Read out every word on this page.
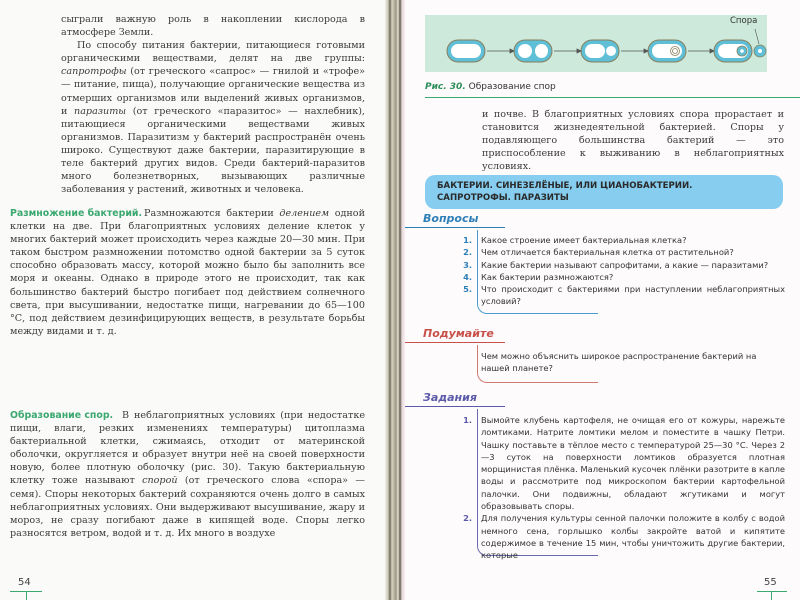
сыграли важную роль в накоплении кислорода в атмосфере Земли.

По способу питания бактерии, питающиеся готовыми органическими веществами, делят на две группы: сапротрофы (от греческого «сапрос» — гнилой и «трофе» — питание, пища), получающие органические вещества из отмерших организмов или выделений живых организмов, и паразиты (от греческого «паразитос» — нахлебник), питающиеся органическими веществами живых организмов. Паразитизм у бактерий распространён очень широко. Существуют даже бактерии, паразитирующие в теле бактерий других видов. Среди бактерий-паразитов много болезнетворных, вызывающих различные заболевания у растений, животных и человека.

Размножение бактерий. Размножаются бактерии делением одной клетки на две. При благоприятных условиях деление клеток у многих бактерий может происходить через каждые 20—30 мин. При таком быстром размножении потомство одной бактерии за 5 суток способно образовать массу, которой можно было бы заполнить все моря и океаны. Однако в природе этого не происходит, так как большинство бактерий быстро погибает под действием солнечного света, при высушивании, недостатке пищи, нагревании до 65—100 °С, под действием дезинфицирующих веществ, в результате борьбы между видами и т. д.

Образование спор. В неблагоприятных условиях (при недостатке пищи, влаги, резких изменениях температуры) цитоплазма бактериальной клетки, сжимаясь, отходит от материнской оболочки, округляется и образует внутри неё на своей поверхности новую, более плотную оболочку (рис. 30). Такую бактериальную клетку тоже называют спорой (от греческого слова «спора» — семя). Споры некоторых бактерий сохраняются очень долго в самых неблагоприятных условиях. Они выдерживают высушивание, жару и мороз, не сразу погибают даже в кипящей воде. Споры легко разносятся ветром, водой и т. д. Их много в воздухе

54
Спора
Рис. 30. Образование спор
и почве. В благоприятных условиях спора прорастает и становится жизнедеятельной бактерией. Споры у подавляющего большинства бактерий — это приспособление к выживанию в неблагоприятных условиях.
БАКТЕРИИ. СИНЕЗЕЛЁНЫЕ, ИЛИ ЦИАНОБАКТЕРИИ.
САПРОТРОФЫ. ПАРАЗИТЫ
Вопросы
1. Какое строение имеет бактериальная клетка?
2. Чем отличается бактериальная клетка от растительной?
3. Какие бактерии называют сапрофитами, а какие — паразитами?
4. Как бактерии размножаются?
5. Что происходит с бактериями при наступлении неблагоприятных условий?
Подумайте
Чем можно объяснить широкое распространение бактерий на нашей планете?
Задания
1. Вымойте клубень картофеля, не очищая его от кожуры, нарежьте ломтиками. Натрите ломтики мелом и поместите в чашку Петри. Чашку поставьте в тёплое место с температурой 25—30 °С. Через 2—3 суток на поверхности ломтиков образуется плотная морщинистая плёнка. Маленький кусочек плёнки разотрите в капле воды и рассмотрите под микроскопом бактерии картофельной палочки. Они подвижны, обладают жгутиками и могут образовывать споры.
2. Для получения культуры сенной палочки положите в колбу с водой немного сена, горлышко колбы закройте ватой и кипятите содержимое в течение 15 мин, чтобы уничтожить другие бактерии, которые
55
